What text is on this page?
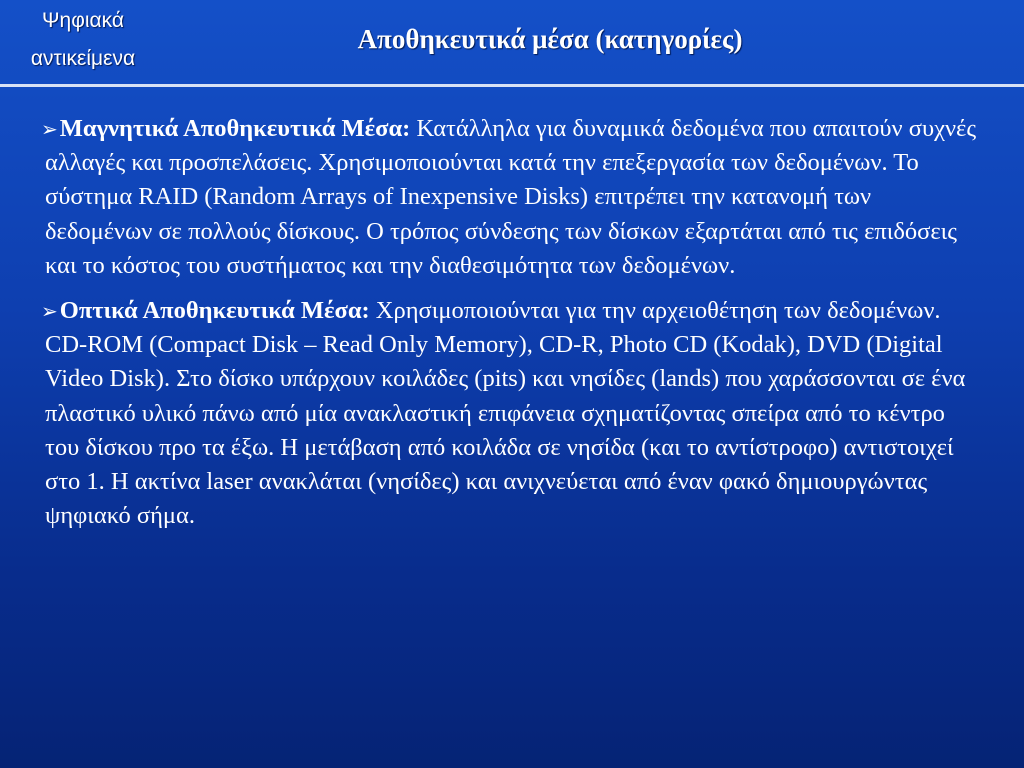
Ψηφιακά
αντικείμενα
Αποθηκευτικά μέσα (κατηγορίες)

➢Μαγνητικά Αποθηκευτικά Μέσα: Κατάλληλα για δυναμικά δεδομένα που απαιτούν συχνές αλλαγές και προσπελάσεις. Χρησιμοποιούνται κατά την επεξεργασία των δεδομένων. Το σύστημα RAID (Random Arrays of Inexpensive Disks) επιτρέπει την κατανομή των δεδομένων σε πολλούς δίσκους. Ο τρόπος σύνδεσης των δίσκων εξαρτάται από τις επιδόσεις και το κόστος του συστήματος και την διαθεσιμότητα των δεδομένων.

➢Οπτικά Αποθηκευτικά Μέσα: Χρησιμοποιούνται για την αρχειοθέτηση των δεδομένων. CD-ROM (Compact Disk – Read Only Memory), CD-R, Photo CD (Kodak), DVD (Digital Video Disk). Στο δίσκο υπάρχουν κοιλάδες (pits) και νησίδες (lands) που χαράσσονται σε ένα πλαστικό υλικό πάνω από μία ανακλαστική επιφάνεια σχηματίζοντας σπείρα από το κέντρο του δίσκου προ τα έξω. Η μετάβαση από κοιλάδα σε νησίδα (και το αντίστροφο) αντιστοιχεί στο 1. Η ακτίνα laser ανακλάται (νησίδες) και ανιχνεύεται από έναν φακό δημιουργώντας ψηφιακό σήμα.
